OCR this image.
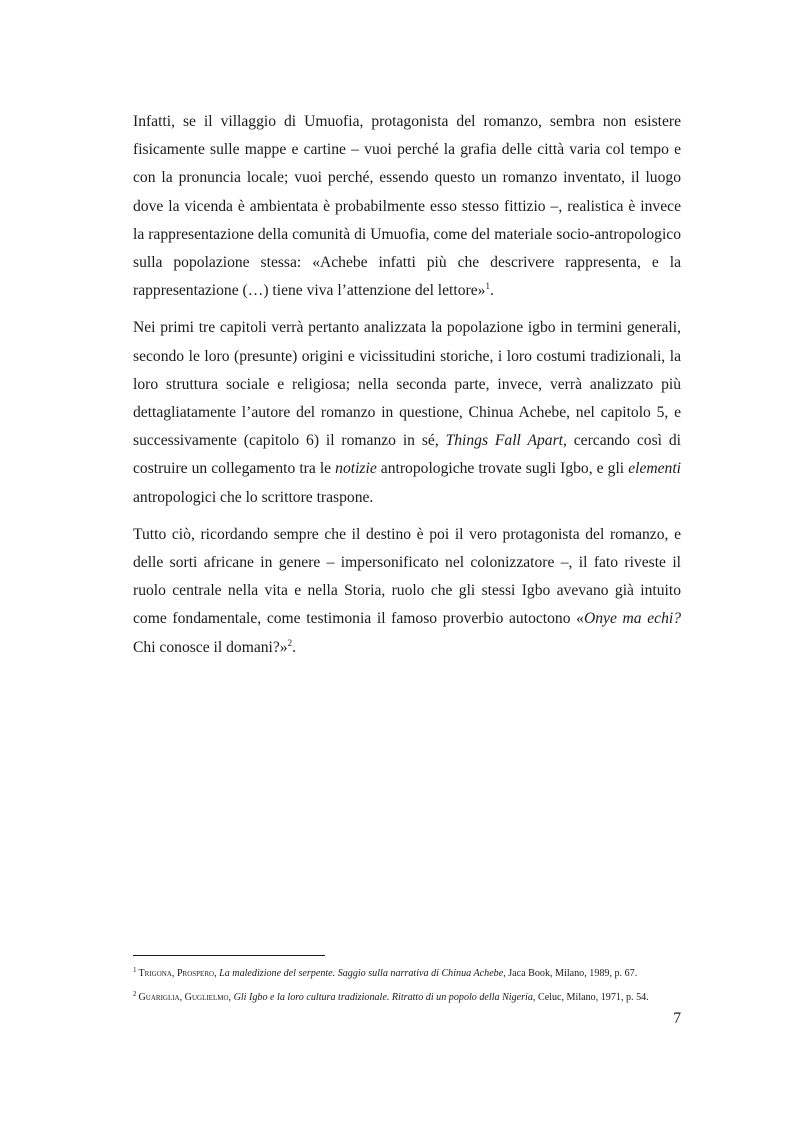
Infatti, se il villaggio di Umuofia, protagonista del romanzo, sembra non esistere fisicamente sulle mappe e cartine – vuoi perché la grafia delle città varia col tempo e con la pronuncia locale; vuoi perché, essendo questo un romanzo inventato, il luogo dove la vicenda è ambientata è probabilmente esso stesso fittizio –, realistica è invece la rappresentazione della comunità di Umuofia, come del materiale socio-antropologico sulla popolazione stessa: «Achebe infatti più che descrivere rappresenta, e la rappresentazione (…) tiene viva l’attenzione del lettore»$^1$.

Nei primi tre capitoli verrà pertanto analizzata la popolazione igbo in termini generali, secondo le loro (presunte) origini e vicissitudini storiche, i loro costumi tradizionali, la loro struttura sociale e religiosa; nella seconda parte, invece, verrà analizzato più dettagliatamente l’autore del romanzo in questione, Chinua Achebe, nel capitolo 5, e successivamente (capitolo 6) il romanzo in sé, Things Fall Apart, cercando così di costruire un collegamento tra le notizie antropologiche trovate sugli Igbo, e gli elementi antropologici che lo scrittore traspone.

Tutto ciò, ricordando sempre che il destino è poi il vero protagonista del romanzo, e delle sorti africane in genere – impersonificato nel colonizzatore –, il fato riveste il ruolo centrale nella vita e nella Storia, ruolo che gli stessi Igbo avevano già intuito come fondamentale, come testimonia il famoso proverbio autoctono «Onye ma echi? Chi conosce il domani?»$^2$.

$^1$ Trigona, Prospero, La maledizione del serpente. Saggio sulla narrativa di Chinua Achebe, Jaca Book, Milano, 1989, p. 67.

$^2$ Guariglia, Guglielmo, Gli Igbo e la loro cultura tradizionale. Ritratto di un popolo della Nigeria, Celuc, Milano, 1971, p. 54.

7
